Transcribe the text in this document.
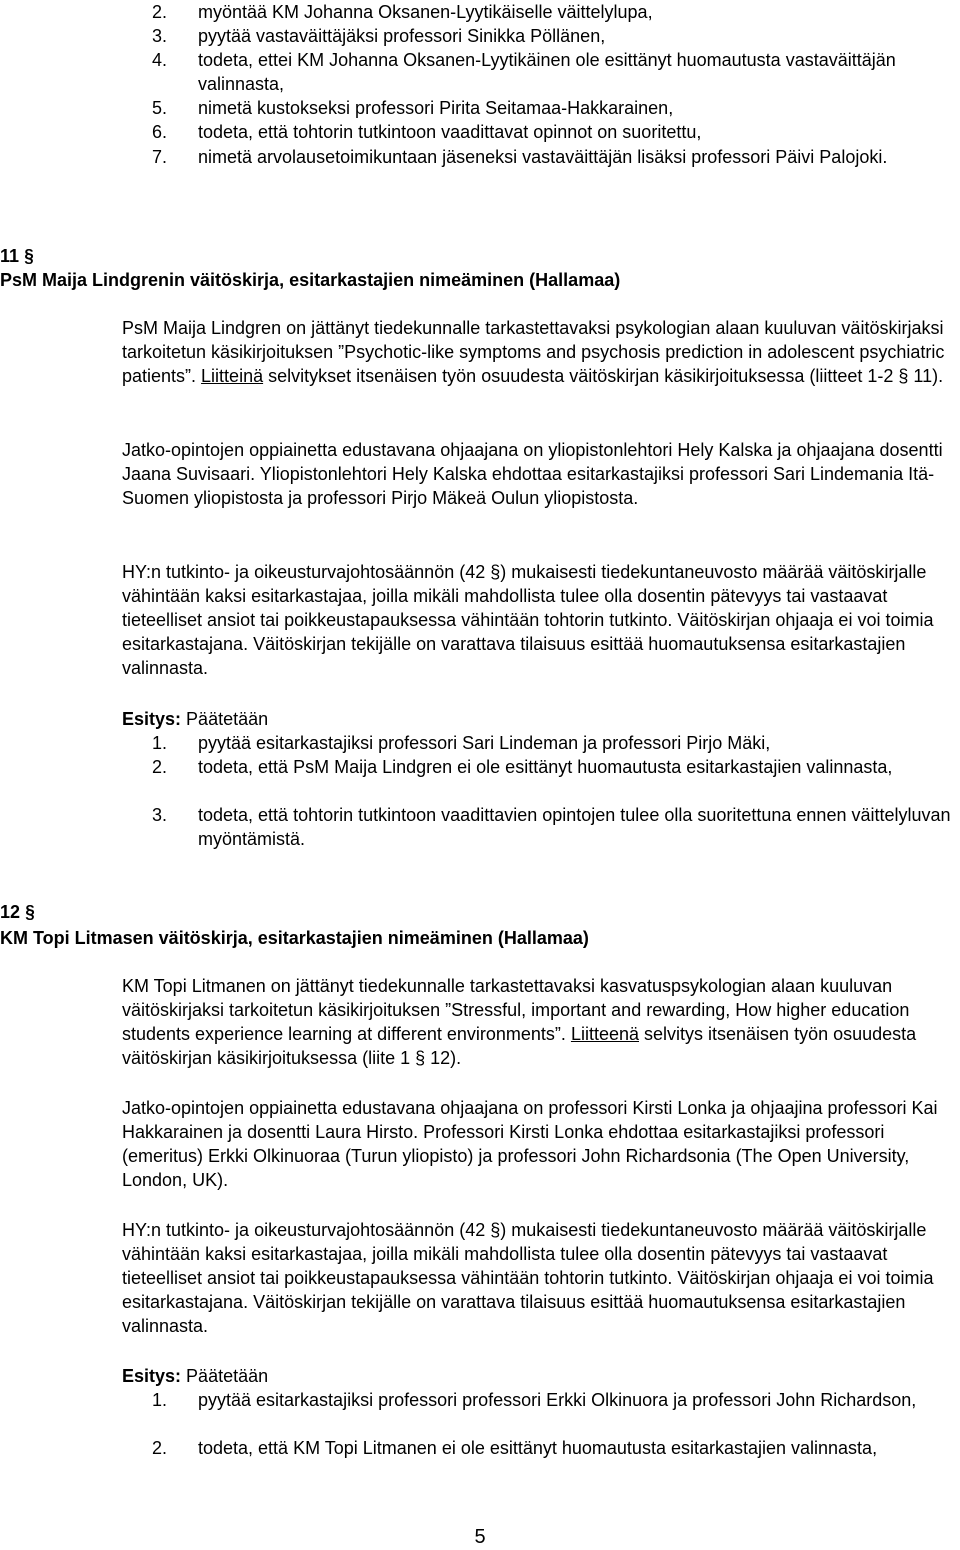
2.	myöntää KM Johanna Oksanen-Lyytikäiselle väittelylupa,
3.	pyytää vastaväittäjäksi professori Sinikka Pöllänen,
4.	todeta, ettei KM Johanna Oksanen-Lyytikäinen ole esittänyt huomautusta vastaväittäjän valinnasta,
5.	nimetä kustokseksi professori Pirita Seitamaa-Hakkarainen,
6.	todeta, että tohtorin tutkintoon vaadittavat opinnot on suoritettu,
7.	nimetä arvolausetoimikuntaan jäseneksi vastaväittäjän lisäksi professori Päivi Palojoki.
11 §
PsM Maija Lindgrenin väitöskirja, esitarkastajien nimeäminen (Hallamaa)
PsM Maija Lindgren on jättänyt tiedekunnalle tarkastettavaksi psykologian alaan kuuluvan väitöskirjaksi tarkoitetun käsikirjoituksen ”Psychotic-like symptoms and psychosis prediction in adolescent psychiatric patients”. Liitteinä selvitykset itsenäisen työn osuudesta väitöskirjan käsikirjoituksessa (liitteet 1-2 § 11).
Jatko-opintojen oppiainetta edustavana ohjaajana on yliopistonlehtori Hely Kalska ja ohjaajana dosentti Jaana Suvisaari. Yliopistonlehtori Hely Kalska ehdottaa esitarkastajiksi professori Sari Lindemania Itä-Suomen yliopistosta ja professori Pirjo Mäkeä Oulun yliopistosta.
HY:n tutkinto- ja oikeusturvajohtosäännön (42 §) mukaisesti tiedekuntaneuvosto määrää väitöskirjalle vähintään kaksi esitarkastajaa, joilla mikäli mahdollista tulee olla dosentin pätevyys tai vastaavat tieteelliset ansiot tai poikkeustapauksessa vähintään tohtorin tutkinto. Väitöskirjan ohjaaja ei voi toimia esitarkastajana. Väitöskirjan tekijälle on varattava tilaisuus esittää huomautuksensa esitarkastajien valinnasta.
Esitys: Päätetään
1.	pyytää esitarkastajiksi professori Sari Lindeman ja professori Pirjo Mäki,
2.	todeta, että PsM Maija Lindgren ei ole esittänyt huomautusta esitarkastajien valinnasta,
3.	todeta, että tohtorin tutkintoon vaadittavien opintojen tulee olla suoritettuna ennen väittelyluvan myöntämistä.
12 §
KM Topi Litmasen väitöskirja, esitarkastajien nimeäminen (Hallamaa)
KM Topi Litmanen on jättänyt tiedekunnalle tarkastettavaksi kasvatuspsykologian alaan kuuluvan väitöskirjaksi tarkoitetun käsikirjoituksen ”Stressful, important and rewarding, How higher education students experience learning at different environments”. Liitteenä selvitys itsenäisen työn osuudesta väitöskirjan käsikirjoituksessa (liite 1 § 12).
Jatko-opintojen oppiainetta edustavana ohjaajana on professori Kirsti Lonka ja ohjaajina professori Kai Hakkarainen ja dosentti Laura Hirsto. Professori Kirsti Lonka ehdottaa esitarkastajiksi professori (emeritus) Erkki Olkinuoraa (Turun yliopisto) ja professori John Richardsonia (The Open University, London, UK).
HY:n tutkinto- ja oikeusturvajohtosäännön (42 §) mukaisesti tiedekuntaneuvosto määrää väitöskirjalle vähintään kaksi esitarkastajaa, joilla mikäli mahdollista tulee olla dosentin pätevyys tai vastaavat tieteelliset ansiot tai poikkeustapauksessa vähintään tohtorin tutkinto. Väitöskirjan ohjaaja ei voi toimia esitarkastajana. Väitöskirjan tekijälle on varattava tilaisuus esittää huomautuksensa esitarkastajien valinnasta.
Esitys: Päätetään
1.	pyytää esitarkastajiksi professori professori Erkki Olkinuora ja professori John Richardson,
2.	todeta, että KM Topi Litmanen ei ole esittänyt huomautusta esitarkastajien valinnasta,
5
